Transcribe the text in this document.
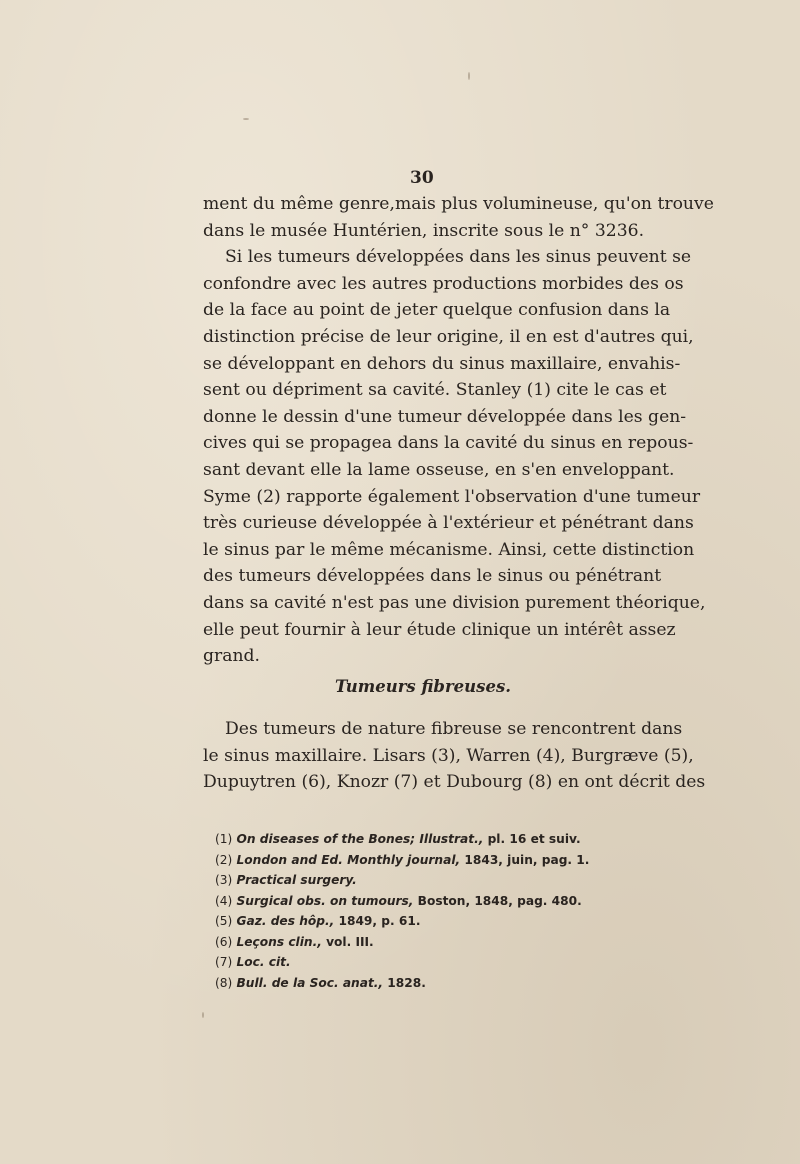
30
ment du même genre,mais plus volumineuse, qu'on trouve
dans le musée Huntérien, inscrite sous le n° 3236.
Si les tumeurs développées dans les sinus peuvent se
confondre avec les autres productions morbides des os
de la face au point de jeter quelque confusion dans la
distinction précise de leur origine, il en est d'autres qui,
se développant en dehors du sinus maxillaire, envahis-
sent ou dépriment sa cavité. Stanley (1) cite le cas et
donne le dessin d'une tumeur développée dans les gen-
cives qui se propagea dans la cavité du sinus en repous-
sant devant elle la lame osseuse, en s'en enveloppant.
Syme (2) rapporte également l'observation d'une tumeur
très curieuse développée à l'extérieur et pénétrant dans
le sinus par le même mécanisme. Ainsi, cette distinction
des tumeurs développées dans le sinus ou pénétrant
dans sa cavité n'est pas une division purement théorique,
elle peut fournir à leur étude clinique un intérêt assez
grand.
Tumeurs fibreuses.
Des tumeurs de nature fibreuse se rencontrent dans
le sinus maxillaire. Lisars (3), Warren (4), Burgræve (5),
Dupuytren (6), Knozr (7) et Dubourg (8) en ont décrit des
(1) On diseases of the Bones; Illustrat., pl. 16 et suiv.
(2) London and Ed. Monthly journal, 1843, juin, pag. 1.
(3) Practical surgery.
(4) Surgical obs. on tumours, Boston, 1848, pag. 480.
(5) Gaz. des hôp., 1849, p. 61.
(6) Leçons clin., vol. III.
(7) Loc. cit.
(8) Bull. de la Soc. anat., 1828.
